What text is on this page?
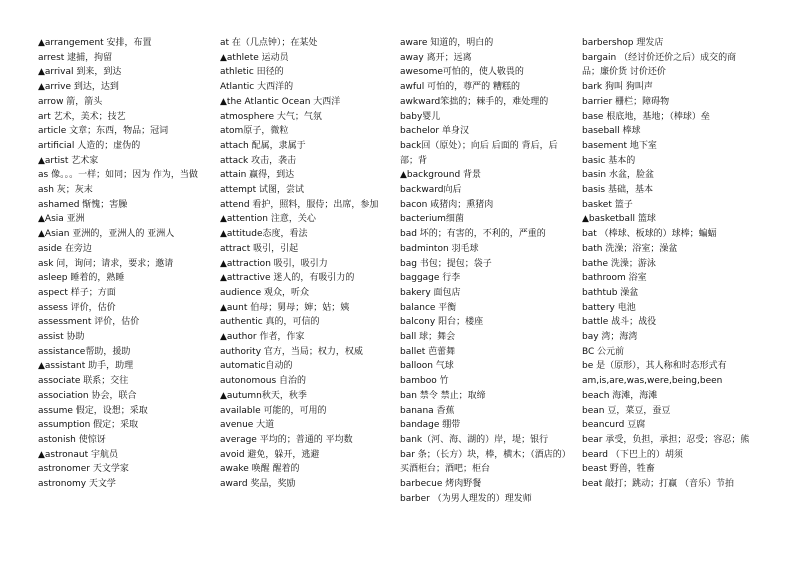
▲arrangement 安排，布置
arrest 逮捕，拘留
▲arrival 到来，到达
▲arrive 到达，达到
arrow 箭，箭头
art 艺术，美术；技艺
article 文章；东西，物品；冠词
artificial 人造的；虚伪的
▲artist 艺术家
as 像。。。一样；如同；因为 作为，当做
ash 灰；灰末
ashamed 惭愧；害臊
▲Asia 亚洲
▲Asian 亚洲的，亚洲人的 亚洲人
aside 在旁边
ask 问，询问；请求，要求；邀请
asleep 睡着的，熟睡
aspect 样子；方面
assess 评价，估价
assessment 评价，估价
assist 协助
assistance帮助，援助
▲assistant 助手，助理
associate 联系；交往
association 协会，联合
assume 假定，设想；采取
assumption 假定；采取
astonish 使惊讶
▲astronaut 宇航员
astronomer 天文学家
astronomy 天文学
at 在（几点钟）；在某处
▲athlete 运动员
athletic 田径的
Atlantic 大西洋的
▲the Atlantic Ocean 大西洋
atmosphere 大气；气氛
atom原子，微粒
attach 配属，隶属于
attack 攻击，袭击
attain 赢得，到达
attempt 试图，尝试
attend 看护，照料，服侍；出席，参加
▲attention 注意，关心
▲attitude态度，看法
attract 吸引，引起
▲attraction 吸引，吸引力
▲attractive 迷人的，有吸引力的
audience 观众，听众
▲aunt 伯母；舅母；婶；姑；姨
authentic 真的，可信的
▲author 作者，作家
authority 官方，当局；权力，权威
automatic自动的
autonomous 自治的
▲autumn秋天，秋季
available 可能的，可用的
avenue 大道
average 平均的；普通的 平均数
avoid 避免，躲开，逃避
awake 唤醒 醒着的
award 奖品，奖励
aware 知道的，明白的
away 离开；远离
awesome可怕的，使人敬畏的
awful 可怕的，尊严的 糟糕的
awkward笨拙的；棘手的，难处理的
baby婴儿
bachelor 单身汉
back回（原处）；向后 后面的 背后，后部；背
▲background 背景
backward向后
bacon 咸猪肉；熏猪肉
bacterium细菌
bad 坏的；有害的，不利的，严重的
badminton 羽毛球
bag 书包；提包；袋子
baggage 行李
bakery 面包店
balance 平衡
balcony 阳台；楼座
ball 球；舞会
ballet 芭蕾舞
balloon 气球
bamboo 竹
ban 禁令 禁止；取缔
banana 香蕉
bandage 绷带
bank（河、海、湖的）岸，堤；银行
bar 条；（长方）块，棒，横木；（酒店的）买酒柜台；酒吧；柜台
barbecue 烤肉野餐
barber （为男人理发的）理发师
barbershop 理发店
bargain （经讨价还价之后）成交的商品；廉价货 讨价还价
bark 狗叫 狗叫声
barrier 栅栏；障碍物
base 根底地，基地；（棒球）垒
baseball 棒球
basement 地下室
basic 基本的
basin 水盆，脸盆
basis 基础，基本
basket 篮子
▲basketball 篮球
bat （棒球、板球的）球棒；蝙蝠
bath 洗澡；浴室；澡盆
bathe 洗澡；游泳
bathroom 浴室
bathtub 澡盆
battery 电池
battle 战斗；战役
bay 湾；海湾
BC 公元前
be 是（原形），其人称和时态形式有am,is,are,was,were,being,been
beach 海滩，海滩
bean 豆，菜豆，蚕豆
beancurd 豆腐
bear 承受，负担，承担；忍受；容忍；熊
beard （下巴上的）胡须
beast 野兽，牲畜
beat 敲打；跳动；打赢 （音乐）节拍
